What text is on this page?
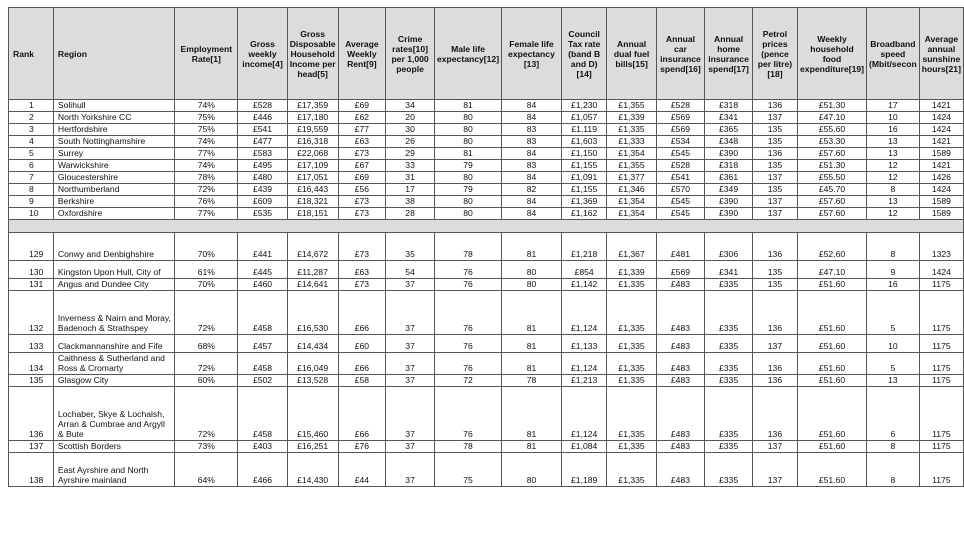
Rank	Region	Employment Rate[1]	Gross weekly income[4]	Gross Disposable Household Income per head[5]	Average Weekly Rent[9]	Crime rates[10] per 1,000 people	Male life expectancy[12]	Female life expectancy [13]	Council Tax rate (band B and D)[14]	Annual dual fuel bills[15]	Annual car insurance spend[16]	Annual home insurance spend[17]	Petrol prices (pence per litre)[18]	Weekly household food expenditure[19]	Broadband speed (Mbit/secon	Average annual sunshine hours[21]
1	Solihull	74%	£528	£17,359	£69	34	81	84	£1,230	£1,355	£528	£318	136	£51.30	17	1421
2	North Yorkshire CC	75%	£446	£17,180	£62	20	80	84	£1,057	£1,339	£569	£341	137	£47.10	10	1424
3	Hertfordshire	75%	£541	£19,559	£77	30	80	83	£1,119	£1,335	£569	£365	135	£55.60	16	1424
4	South Nottinghamshire	74%	£477	£16,318	£63	26	80	83	£1,603	£1,333	£534	£348	135	£53.30	13	1421
5	Surrey	77%	£583	£22,068	£73	29	81	84	£1,150	£1,354	£545	£390	136	£57.60	13	1589
6	Warwickshire	74%	£495	£17,109	£67	33	79	83	£1,155	£1,355	£528	£318	135	£51.30	12	1421
7	Gloucestershire	78%	£480	£17,051	£69	31	80	84	£1,091	£1,377	£541	£361	137	£55.50	12	1426
8	Northumberland	72%	£439	£16,443	£56	17	79	82	£1,155	£1,346	£570	£349	135	£45.70	8	1424
9	Berkshire	76%	£609	£18,321	£73	38	80	84	£1,369	£1,354	£545	£390	137	£57.60	13	1589
10	Oxfordshire	77%	£535	£18,151	£73	28	80	84	£1,162	£1,354	£545	£390	137	£57.60	12	1589

129	Conwy and Denbighshire	70%	£441	£14,672	£73	35	78	81	£1,218	£1,367	£481	£306	136	£52.60	8	1323
130	Kingston Upon Hull, City of	61%	£445	£11,287	£63	54	76	80	£854	£1,339	£569	£341	135	£47.10	9	1424
131	Angus and Dundee City	70%	£460	£14,641	£73	37	76	80	£1,142	£1,335	£483	£335	135	£51.60	16	1175
132	Inverness & Nairn and Moray, Badenoch & Strathspey	72%	£458	£16,530	£66	37	76	81	£1,124	£1,335	£483	£335	136	£51.60	5	1175
133	Clackmannanshire and Fife	68%	£457	£14,434	£60	37	76	81	£1,133	£1,335	£483	£335	137	£51.60	10	1175
134	Caithness & Sutherland and Ross & Cromarty	72%	£458	£16,049	£66	37	76	81	£1,124	£1,335	£483	£335	136	£51.60	5	1175
135	Glasgow City	60%	£502	£13,528	£58	37	72	78	£1,213	£1,335	£483	£335	136	£51.60	13	1175
136	Lochaber, Skye & Lochalsh, Arran & Cumbrae and Argyll & Bute	72%	£458	£15,460	£66	37	76	81	£1,124	£1,335	£483	£335	136	£51.60	6	1175
137	Scottish Borders	73%	£403	£16,251	£76	37	78	81	£1,084	£1,335	£483	£335	137	£51.60	8	1175
138	East Ayrshire and North Ayrshire mainland	64%	£466	£14,430	£44	37	75	80	£1,189	£1,335	£483	£335	137	£51.60	8	1175
